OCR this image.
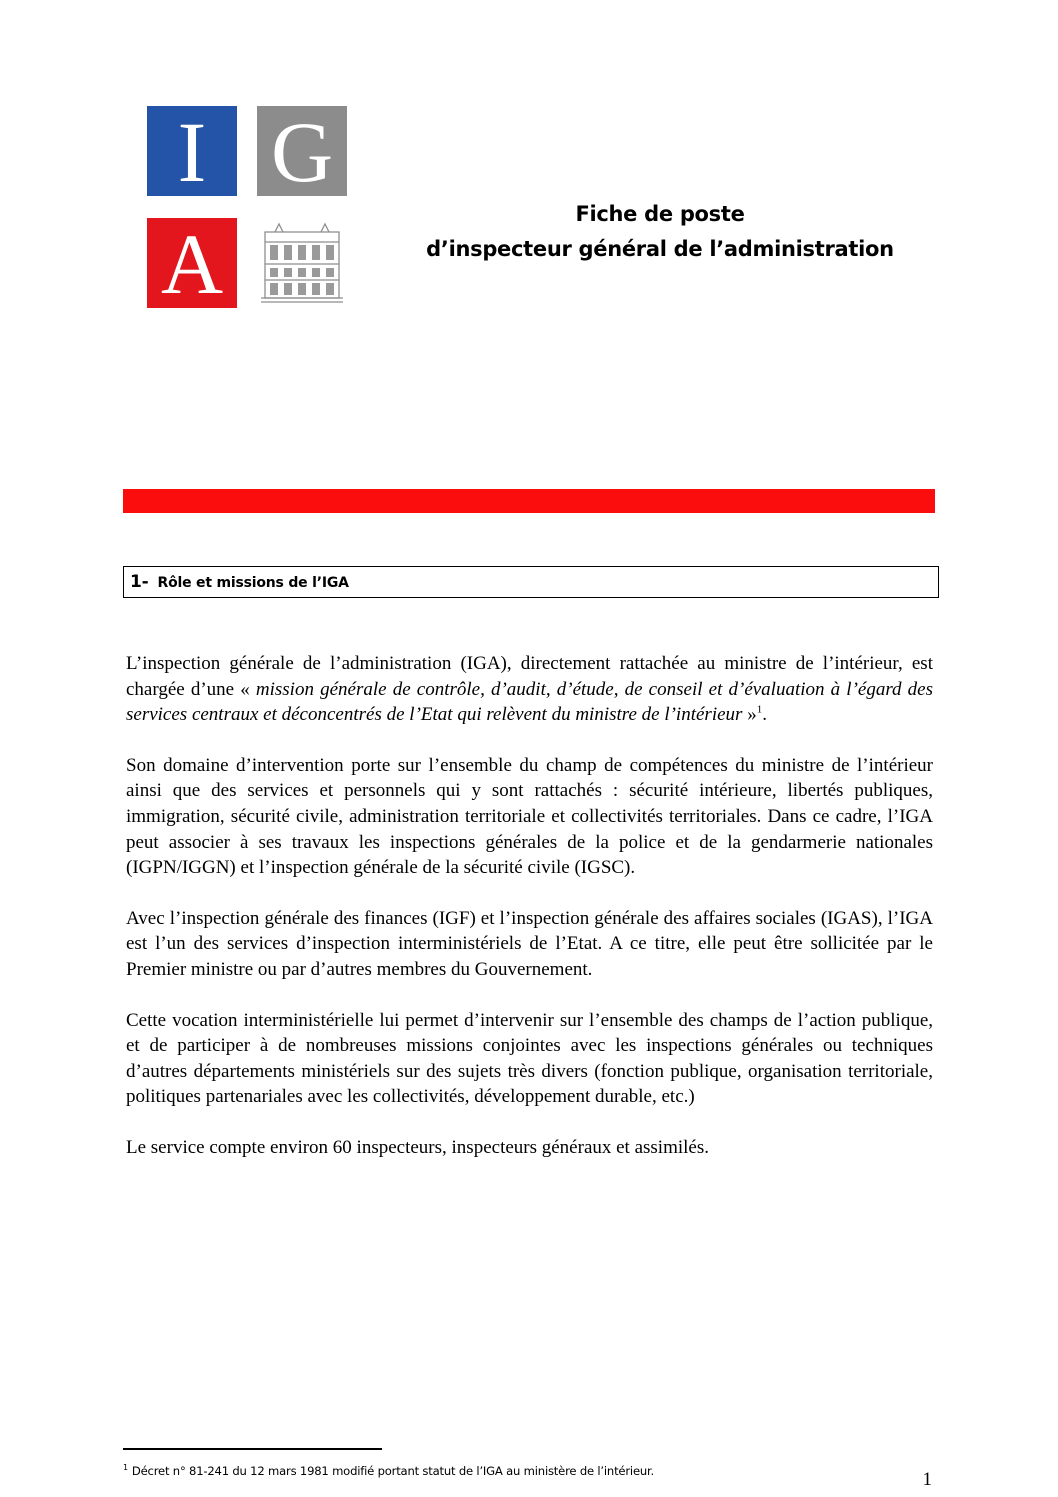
I G
A
Fiche de poste
d’inspecteur général de l’administration
1- Rôle et missions de l’IGA

L’inspection générale de l’administration (IGA), directement rattachée au ministre de l’intérieur, est chargée d’une « mission générale de contrôle, d’audit, d’étude, de conseil et d’évaluation à l’égard des services centraux et déconcentrés de l’Etat qui relèvent du ministre de l’intérieur »$^1$.

Son domaine d’intervention porte sur l’ensemble du champ de compétences du ministre de l’intérieur ainsi que des services et personnels qui y sont rattachés : sécurité intérieure, libertés publiques, immigration, sécurité civile, administration territoriale et collectivités territoriales. Dans ce cadre, l’IGA peut associer à ses travaux les inspections générales de la police et de la gendarmerie nationales (IGPN/IGGN) et l’inspection générale de la sécurité civile (IGSC).

Avec l’inspection générale des finances (IGF) et l’inspection générale des affaires sociales (IGAS), l’IGA est l’un des services d’inspection interministériels de l’Etat. A ce titre, elle peut être sollicitée par le Premier ministre ou par d’autres membres du Gouvernement.

Cette vocation interministérielle lui permet d’intervenir sur l’ensemble des champs de l’action publique, et de participer à de nombreuses missions conjointes avec les inspections générales ou techniques d’autres départements ministériels sur des sujets très divers (fonction publique, organisation territoriale, politiques partenariales avec les collectivités, développement durable, etc.)

Le service compte environ 60 inspecteurs, inspecteurs généraux et assimilés.

$^1$ Décret n° 81-241 du 12 mars 1981 modifié portant statut de l’IGA au ministère de l’intérieur.	1
